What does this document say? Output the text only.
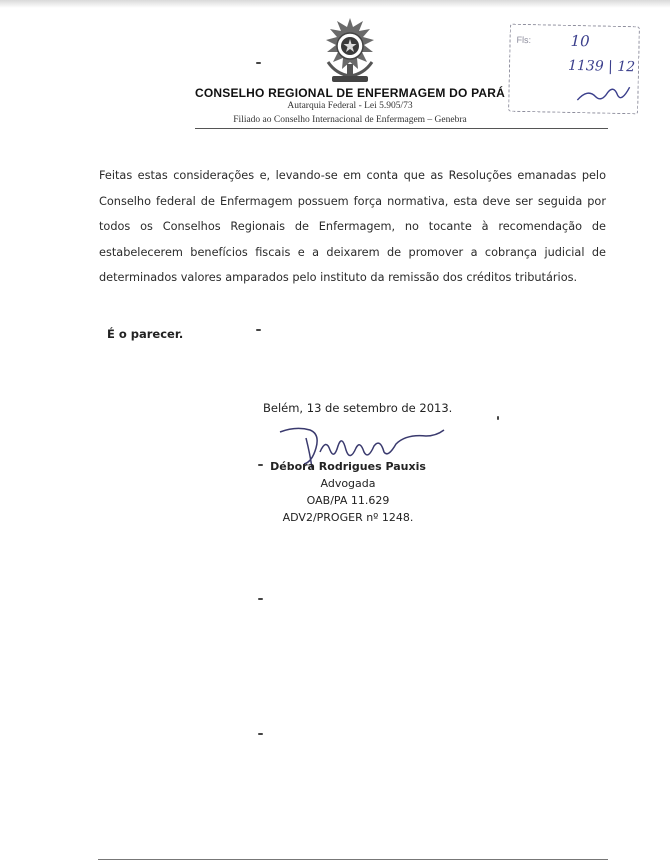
CONSELHO REGIONAL DE ENFERMAGEM DO PARÁ
Autarquia Federal - Lei 5.905/73
Filiado ao Conselho Internacional de Enfermagem – Genebra
Fls:	10
1139 | 12
Feitas estas considerações e, levando-se em conta que as Resoluções emanadas pelo Conselho federal de Enfermagem possuem força normativa, esta deve ser seguida por todos os Conselhos Regionais de Enfermagem, no tocante à recomendação de estabelecerem benefícios fiscais e a deixarem de promover a cobrança judicial de determinados valores amparados pelo instituto da remissão dos créditos tributários.
É o parecer.
Belém, 13 de setembro de 2013.
Débora Rodrigues Pauxis
Advogada
OAB/PA 11.629
ADV2/PROGER nº 1248.
